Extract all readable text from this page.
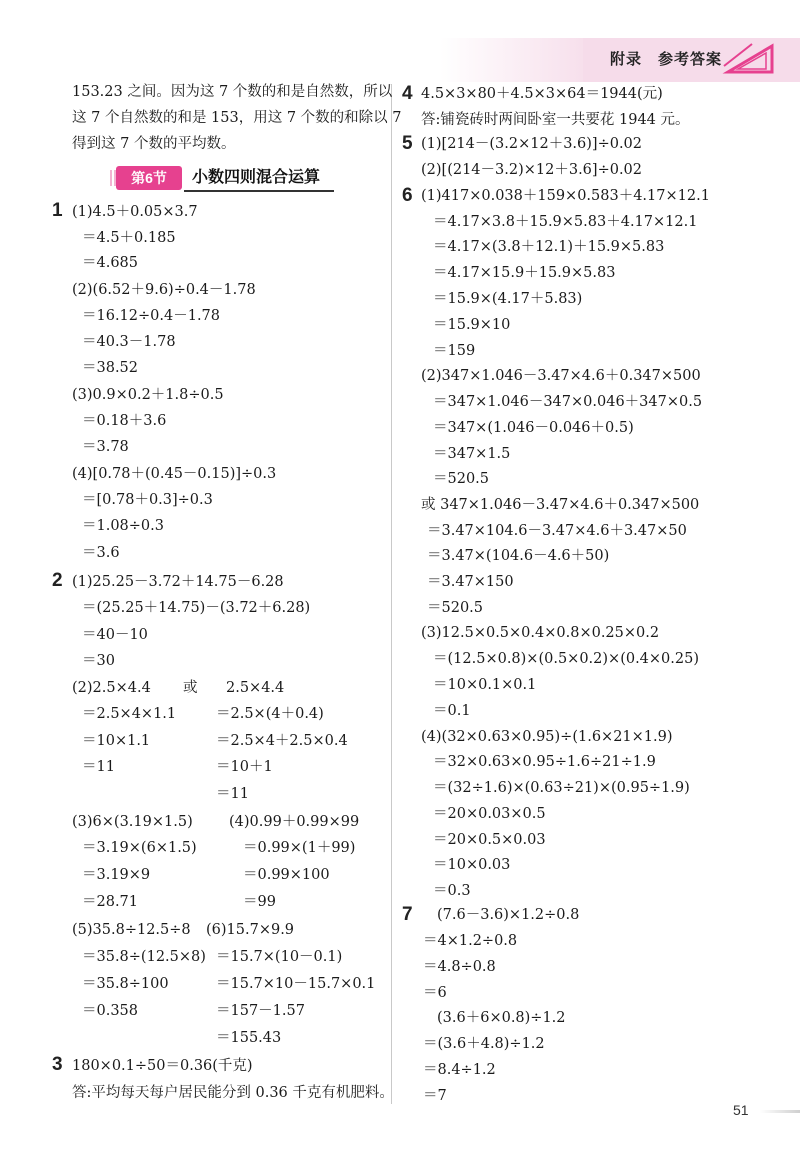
附录　参考答案
153.23 之间。因为这 7 个数的和是自然数，所以
这 7 个自然数的和是 153，用这 7 个数的和除以 7
得到这 7 个数的平均数。
第6节	小数四则混合运算
1 (1)4.5＋0.05×3.7
＝4.5＋0.185
＝4.685
(2)(6.52＋9.6)÷0.4－1.78
＝16.12÷0.4－1.78
＝40.3－1.78
＝38.52
(3)0.9×0.2＋1.8÷0.5
＝0.18＋3.6
＝3.78
(4)[0.78＋(0.45－0.15)]÷0.3
＝[0.78＋0.3]÷0.3
＝1.08÷0.3
＝3.6
2 (1)25.25－3.72＋14.75－6.28
＝(25.25＋14.75)－(3.72＋6.28)
＝40－10
＝30
(2)2.5×4.4
＝2.5×4×1.1
＝10×1.1
＝11
或 2.5×4.4
＝2.5×(4＋0.4)
＝2.5×4＋2.5×0.4
＝10＋1
＝11
(3)6×(3.19×1.5)
＝3.19×(6×1.5)
＝3.19×9
＝28.71
(4)0.99＋0.99×99
＝0.99×(1＋99)
＝0.99×100
＝99
(5)35.8÷12.5÷8
＝35.8÷(12.5×8)
＝35.8÷100
＝0.358
(6)15.7×9.9
＝15.7×(10－0.1)
＝15.7×10－15.7×0.1
＝157－1.57
＝155.43
3 180×0.1÷50＝0.36(千克)
答:平均每天每户居民能分到 0.36 千克有机肥料。
4 4.5×3×80＋4.5×3×64＝1944(元)
答:铺瓷砖时两间卧室一共要花 1944 元。
5 (1)[214－(3.2×12＋3.6)]÷0.02
(2)[(214－3.2)×12＋3.6]÷0.02
6 (1)417×0.038＋159×0.583＋4.17×12.1
＝4.17×3.8＋15.9×5.83＋4.17×12.1
＝4.17×(3.8＋12.1)＋15.9×5.83
＝4.17×15.9＋15.9×5.83
＝15.9×(4.17＋5.83)
＝15.9×10
＝159
(2)347×1.046－3.47×4.6＋0.347×500
＝347×1.046－347×0.046＋347×0.5
＝347×(1.046－0.046＋0.5)
＝347×1.5
＝520.5
或 347×1.046－3.47×4.6＋0.347×500
＝3.47×104.6－3.47×4.6＋3.47×50
＝3.47×(104.6－4.6＋50)
＝3.47×150
＝520.5
(3)12.5×0.5×0.4×0.8×0.25×0.2
＝(12.5×0.8)×(0.5×0.2)×(0.4×0.25)
＝10×0.1×0.1
＝0.1
(4)(32×0.63×0.95)÷(1.6×21×1.9)
＝32×0.63×0.95÷1.6÷21÷1.9
＝(32÷1.6)×(0.63÷21)×(0.95÷1.9)
＝20×0.03×0.5
＝20×0.5×0.03
＝10×0.03
＝0.3
7 (7.6－3.6)×1.2÷0.8
＝4×1.2÷0.8
＝4.8÷0.8
＝6
(3.6＋6×0.8)÷1.2
＝(3.6＋4.8)÷1.2
＝8.4÷1.2
＝7
51
